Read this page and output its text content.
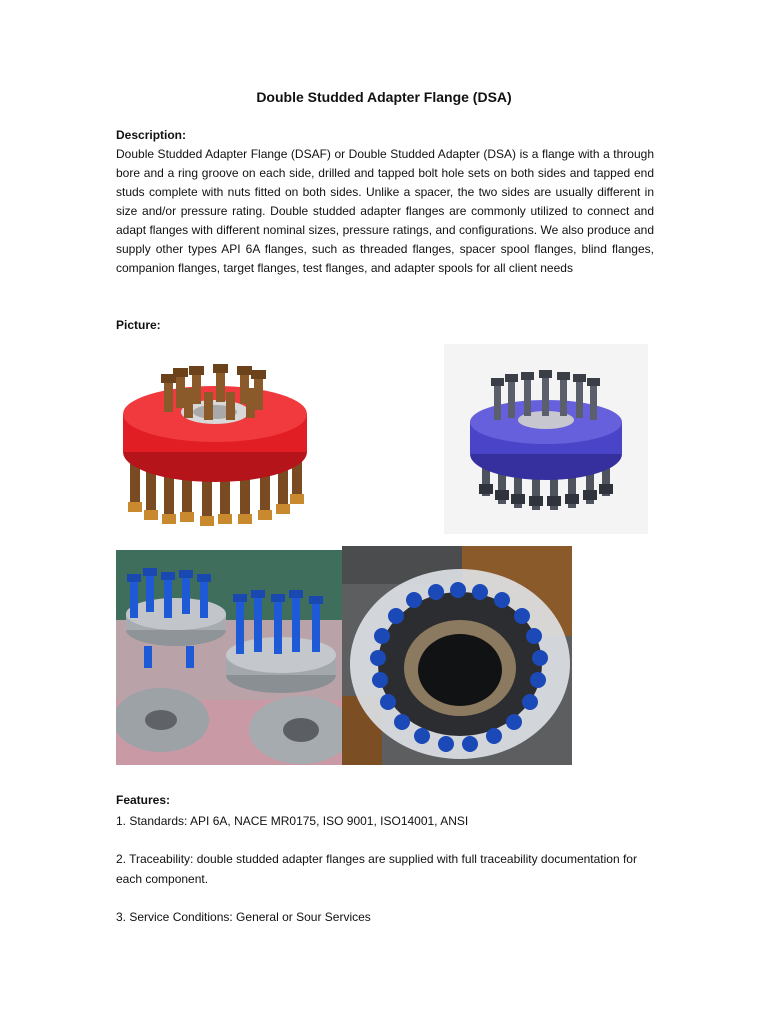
Double Studded Adapter Flange (DSA)
Description:
Double Studded Adapter Flange (DSAF) or Double Studded Adapter (DSA) is a flange with a through bore and a ring groove on each side, drilled and tapped bolt hole sets on both sides and tapped end studs complete with nuts fitted on both sides. Unlike a spacer, the two sides are usually different in size and/or pressure rating. Double studded adapter flanges are commonly utilized to connect and adapt flanges with different nominal sizes, pressure ratings, and configurations. We also produce and supply other types API 6A flanges, such as threaded flanges, spacer spool flanges, blind flanges, companion flanges, target flanges, test flanges, and adapter spools for all client needs
Picture:
Features:
1. Standards: API 6A, NACE MR0175, ISO 9001, ISO14001, ANSI
2. Traceability: double studded adapter flanges are supplied with full traceability documentation for each component.
3. Service Conditions: General or Sour Services
